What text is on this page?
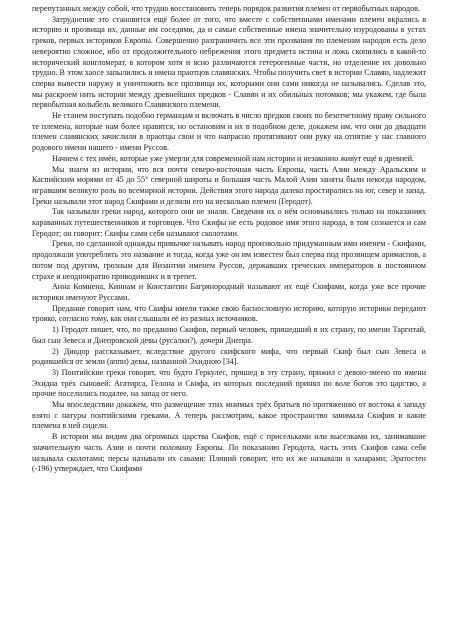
перепутанных между собой, что трудно восстановить теперь порядок развития племен от первобытных народов.

Затруднение это становится ещё более от того, что вместе с собственными именами племен вкрались в историю и прозвища их, данные им соседями, да и самые собственные имена значительно изуродованы в устах греков, первых историков Европы. Совершенно разграничить все эти прозвания по племенам народов есть дело невероятно сложное, ибо от продолжительного небрежения этого предмета истина и ложь скопились в какой-то исторический конгломерат, в котором хотя и ясно различаются гетерогенные части, но отделение их довольно трудно. В этом хаосе запылились и имена праотцов славянских. Чтобы получить свет в истории Славян, надлежит сперва вывести наружу и уничтожить все прозвища их, которыми они сами никогда не назывались. Сделав это, мы раскроем нить истории между древнейших предков - Славян и их обильных потомков; мы укажем, где была первобытная колыбель великого Славянского племени.

Не станем поступать подобно германцам и включать в число предков своих по безотчетному праву сильного те племена, которые нам более нравятся, но остановим и их в подобном деле, докажем им, что они до двадцати племен славянских зачислили в праотцы свои и что напрасно протягивают они руку на отнятие у нас главного родового имени нашего - имени Руссов.

Начнем с тех имён, которые уже умерли для современной нам истории и незаконно живут ещё в древней.

Мы знаем из истории, что вся почти северо-восточная часть Европы, часть Азии между Аральским и Каспийским морями от 45 до 55° северной широты и большая часть Малой Азии заняты были некогда народом, игравшим великую роль во всемирной истории. Действия этого народа далеко простирались на юг, север и запад. Греки называли этот народ Скифами и делили его на несколько племен (Геродот).

Так называли греки народ, которого они не знали. Сведения их о нём основывались только на показаниях караванных путешественников и торговцев. Что Скифы не есть родовое имя этого народа, в том сознается и сам Геродот; он говорит: Скифы сами себя называют сколотами.

Греки, по сделанной однажды привычке называть народ произвольно придуманным ими именем - Скифами, продолжали употреблять это название и тогда, когда уже он им известен был сперва под прозвищем аримаспов, а потом под другим, грозным для Византии именем Руссов, державших греческих императоров в постоянном страхе и неоднократно приводивших и в трепет.

Анна Комнена, Киннам и Константин Багрянородный называют их ещё Скифами, когда уже все прочие историки именуют Руссами.

Предание говорит нам, что Скифы имели также свою баснословную историю, которую историки передают трояко, согласно тому, как они слышали её из разных источников.

1) Геродот пишет, что, по преданию Скифов, первый человек, пришедший в их страну, по имени Таргитай, был сын Зевеса и Днепровской девы (русалки?), дочери Днепра.

2) Диодор рассказывает, вследствие другого скифского мифа, что первый Скиф был сын Зевеса и родившейся от земли (аппи) девы, названной Эхидною [34].

3) Понтийские греки говорят, что будто Геркулес, пришед в эту страну, прижил с девою-змеею по имени Эхидна трёх сыновей: Агатирса, Гелона и Скифа, из которых последний принял по воле богов это царство, а прочие поселились подалее, на запад от него.

Мы впоследствии докажем, что размещение этих мнимых трёх братьев по протяжению от востока к западу взято с натуры понтийскими греками. А теперь рассмотрим, какое пространство занимала Скифия и какие племена в ней сидели.

В истории мы видим два огромных царства Скифов, ещё с присельками или выселками их, занимавшие значительную часть Азии и почти половину Европы. По показанию Геродота, часть этих Скифов сама себя называла сколотами; персы называли их саками: Плиний говорит, что их же называли и хазарами; Эратостен (-196) утверждает, что Скифами
